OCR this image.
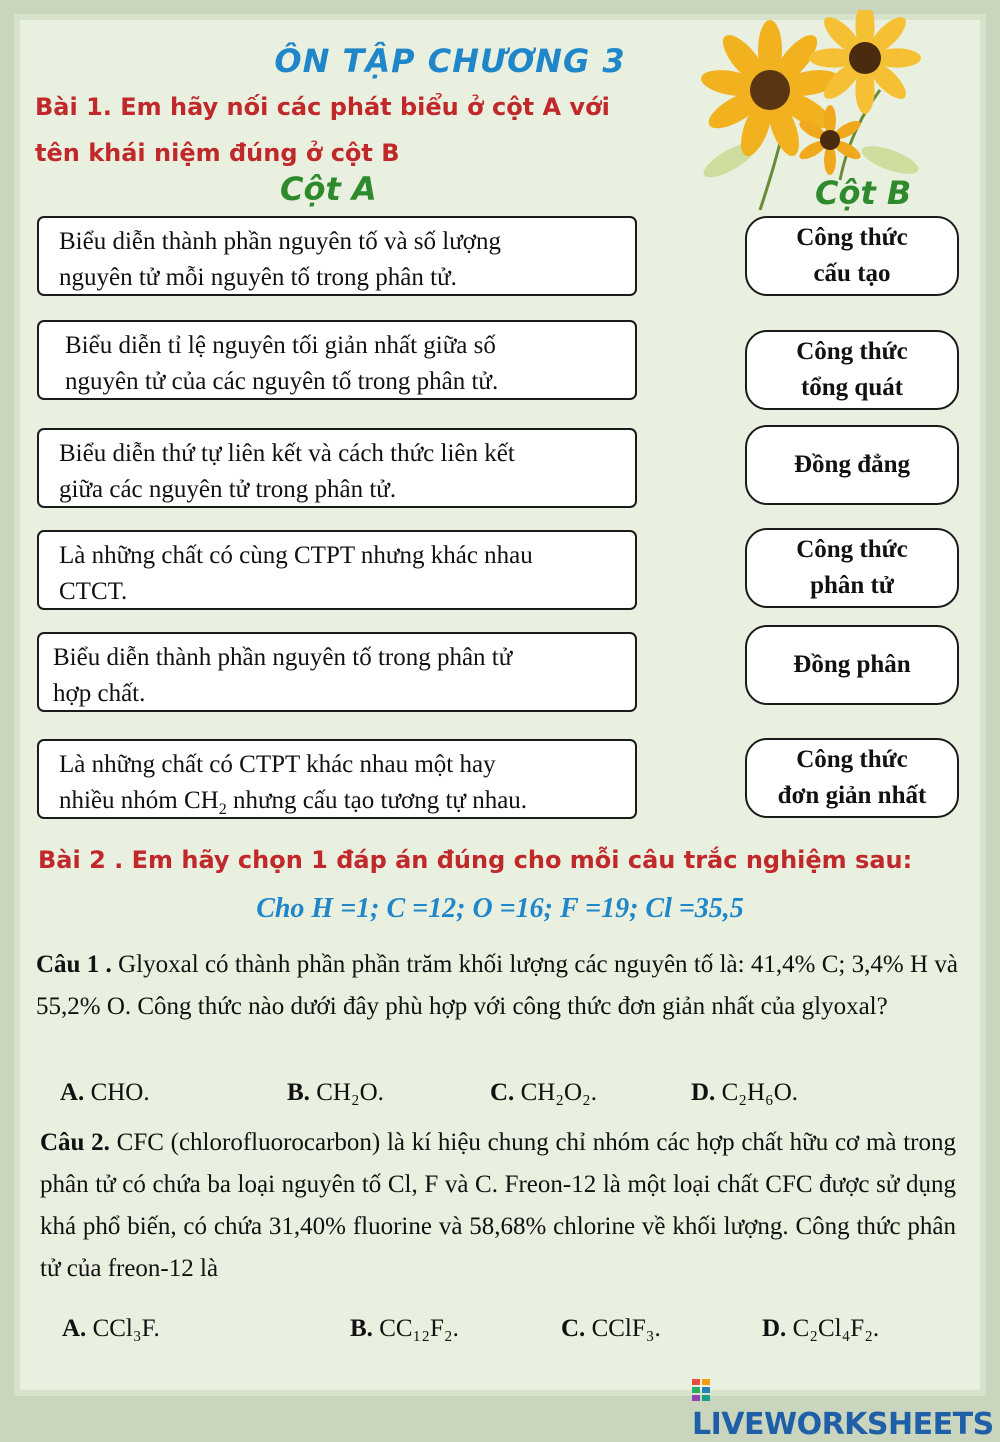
ÔN TẬP CHƯƠNG 3
Bài 1. Em hãy nối các phát biểu ở cột A với
tên khái niệm đúng ở cột B
Cột A	Cột B
Biểu diễn thành phần nguyên tố và số lượng
nguyên tử mỗi nguyên tố trong phân tử.
Biểu diễn tỉ lệ nguyên tối giản nhất giữa số
nguyên tử của các nguyên tố trong phân tử.
Biểu diễn thứ tự liên kết và cách thức liên kết
giữa các nguyên tử trong phân tử.
Là những chất có cùng CTPT nhưng khác nhau
CTCT.
Biểu diễn thành phần nguyên tố trong phân tử
hợp chất.
Là những chất có CTPT khác nhau một hay
nhiều nhóm $CH_2$ nhưng cấu tạo tương tự nhau.
Công thức
cấu tạo
Công thức
tổng quát
Đồng đẳng
Công thức
phân tử
Đồng phân
Công thức
đơn giản nhất
Bài 2 . Em hãy chọn 1 đáp án đúng cho mỗi câu trắc nghiệm sau:
Cho H =1; C =12; O =16; F =19; Cl =35,5
Câu 1 . Glyoxal có thành phần phần trăm khối lượng các nguyên tố là: 41,4% C; 3,4% H và 55,2% O. Công thức nào dưới đây phù hợp với công thức đơn giản nhất của glyoxal?
A. CHO.	B. CH₂O.	C. CH₂O₂.	D. C₂H₆O.
Câu 2. CFC (chlorofluorocarbon) là kí hiệu chung chỉ nhóm các hợp chất hữu cơ mà trong phân tử có chứa ba loại nguyên tố Cl, F và C. Freon-12 là một loại chất CFC được sử dụng khá phổ biến, có chứa 31,40% fluorine và 58,68% chlorine về khối lượng. Công thức phân tử của freon-12 là
A. CCl₃F.	B. CC₁₂F₂.	C. CClF₃.	D. C₂Cl₄F₂.
LIVEWORKSHEETS
